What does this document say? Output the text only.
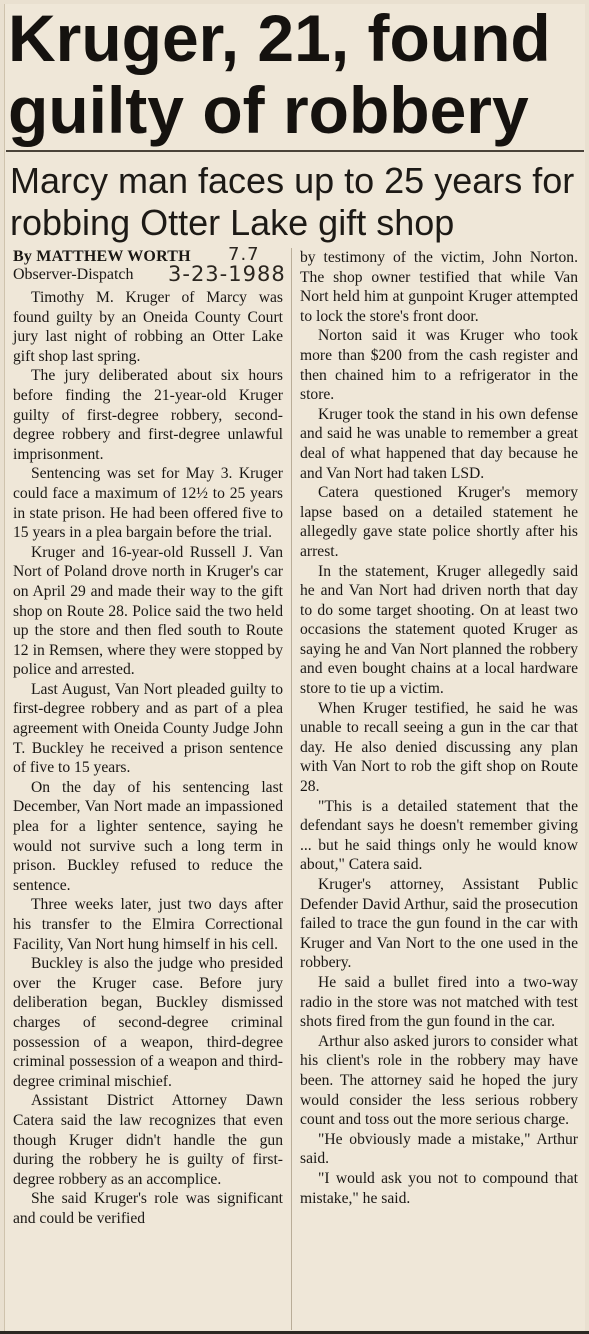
Kruger, 21, found guilty of robbery
Marcy man faces up to 25 years for robbing Otter Lake gift shop
By MATTHEW WORTH
Observer-Dispatch
7.7
3-23-1988

Timothy M. Kruger of Marcy was found guilty by an Oneida County Court jury last night of robbing an Otter Lake gift shop last spring.

The jury deliberated about six hours before finding the 21-year-old Kruger guilty of first-degree robbery, second-degree robbery and first-degree unlawful imprisonment.

Sentencing was set for May 3. Kruger could face a maximum of 12½ to 25 years in state prison. He had been offered five to 15 years in a plea bargain before the trial.

Kruger and 16-year-old Russell J. Van Nort of Poland drove north in Kruger's car on April 29 and made their way to the gift shop on Route 28. Police said the two held up the store and then fled south to Route 12 in Remsen, where they were stopped by police and arrested.

Last August, Van Nort pleaded guilty to first-degree robbery and as part of a plea agreement with Oneida County Judge John T. Buckley he received a prison sentence of five to 15 years.

On the day of his sentencing last December, Van Nort made an impassioned plea for a lighter sentence, saying he would not survive such a long term in prison. Buckley refused to reduce the sentence.

Three weeks later, just two days after his transfer to the Elmira Correctional Facility, Van Nort hung himself in his cell.

Buckley is also the judge who presided over the Kruger case. Before jury deliberation began, Buckley dismissed charges of second-degree criminal possession of a weapon, third-degree criminal possession of a weapon and third-degree criminal mischief.

Assistant District Attorney Dawn Catera said the law recognizes that even though Kruger didn't handle the gun during the robbery he is guilty of first-degree robbery as an accomplice.

She said Kruger's role was significant and could be verified

by testimony of the victim, John Norton. The shop owner testified that while Van Nort held him at gunpoint Kruger attempted to lock the store's front door.

Norton said it was Kruger who took more than $200 from the cash register and then chained him to a refrigerator in the store.

Kruger took the stand in his own defense and said he was unable to remember a great deal of what happened that day because he and Van Nort had taken LSD.

Catera questioned Kruger's memory lapse based on a detailed statement he allegedly gave state police shortly after his arrest.

In the statement, Kruger allegedly said he and Van Nort had driven north that day to do some target shooting. On at least two occasions the statement quoted Kruger as saying he and Van Nort planned the robbery and even bought chains at a local hardware store to tie up a victim.

When Kruger testified, he said he was unable to recall seeing a gun in the car that day. He also denied discussing any plan with Van Nort to rob the gift shop on Route 28.

"This is a detailed statement that the defendant says he doesn't remember giving ... but he said things only he would know about," Catera said.

Kruger's attorney, Assistant Public Defender David Arthur, said the prosecution failed to trace the gun found in the car with Kruger and Van Nort to the one used in the robbery.

He said a bullet fired into a two-way radio in the store was not matched with test shots fired from the gun found in the car.

Arthur also asked jurors to consider what his client's role in the robbery may have been. The attorney said he hoped the jury would consider the less serious robbery count and toss out the more serious charge.

"He obviously made a mistake," Arthur said.

"I would ask you not to compound that mistake," he said.
